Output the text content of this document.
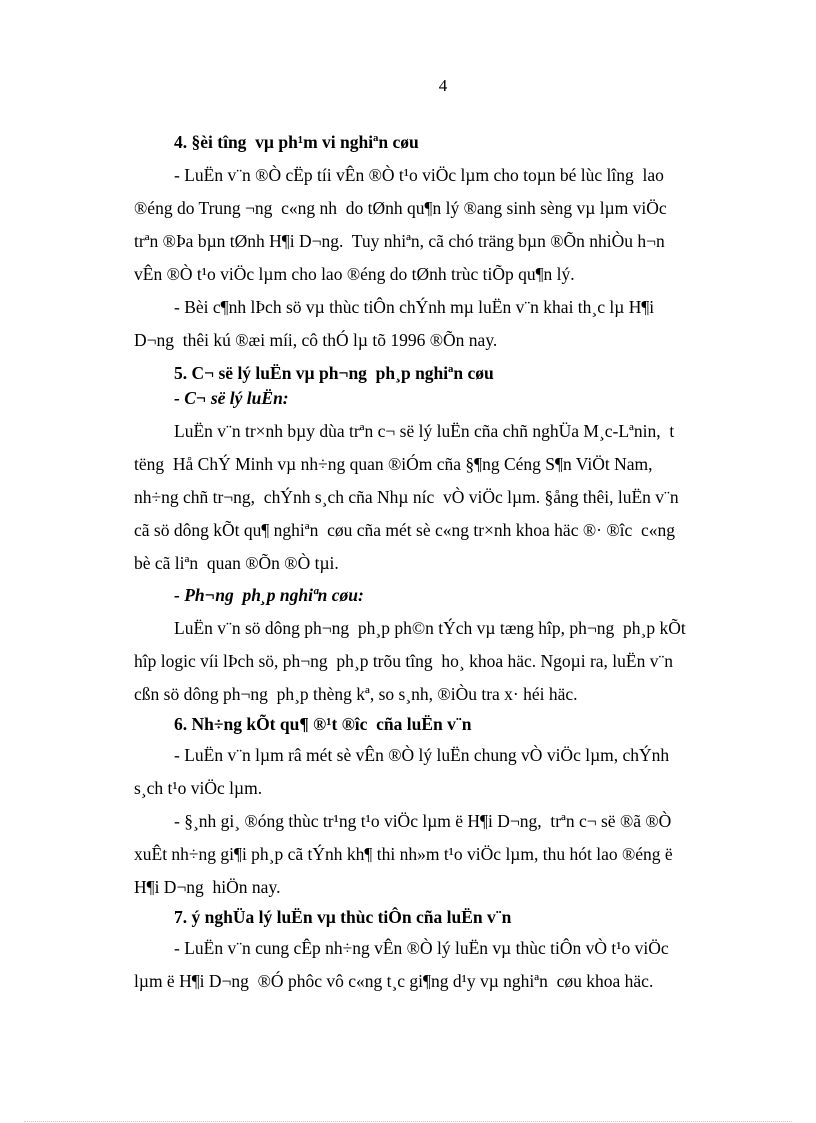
4
4. §èi tîng  vµ ph¹m vi nghiªn cøu
- LuËn v¨n ®Ò cËp tíi vÊn ®Ò t¹o viÖc lµm cho toµn bé lùc lîng  lao
®éng do Trung ¬ng  c«ng nh  do tØnh qu¶n lý ®ang sinh sèng vµ lµm viÖc
trªn ®Þa bµn tØnh H¶i D¬ng.  Tuy nhiªn, cã chó träng bµn ®Õn nhiÒu h¬n
vÊn ®Ò t¹o viÖc lµm cho lao ®éng do tØnh trùc tiÕp qu¶n lý.
- Bèi c¶nh lÞch sö vµ thùc tiÔn chÝnh mµ luËn v¨n khai th¸c lµ H¶i
D¬ng  thêi kú ®æi míi, cô thÓ lµ tõ 1996 ®Õn nay.
5. C¬ së lý luËn vµ ph¬ng  ph¸p nghiªn cøu
- C¬ së lý luËn:
LuËn v¨n tr×nh bµy dùa trªn c¬ së lý luËn cña chñ nghÜa M¸c-Lªnin,  t
tëng  Hå ChÝ Minh vµ nh÷ng quan ®iÓm cña §¶ng Céng S¶n ViÖt Nam,
nh÷ng chñ tr¬ng,  chÝnh s¸ch cña Nhµ níc  vÒ viÖc lµm. §ång thêi, luËn v¨n
cã sö dông kÕt qu¶ nghiªn  cøu cña mét sè c«ng tr×nh khoa häc ®· ®îc  c«ng
bè cã liªn  quan ®Õn ®Ò tµi.
- Ph¬ng  ph¸p nghiªn cøu:
LuËn v¨n sö dông ph¬ng  ph¸p ph©n tÝch vµ tæng hîp, ph¬ng  ph¸p kÕt
hîp logic víi lÞch sö, ph¬ng  ph¸p trõu tîng  ho¸ khoa häc. Ngoµi ra, luËn v¨n
cßn sö dông ph¬ng  ph¸p thèng kª, so s¸nh, ®iÒu tra x· héi häc.
6. Nh÷ng kÕt qu¶ ®¹t ®îc  cña luËn v¨n
- LuËn v¨n lµm râ mét sè vÊn ®Ò lý luËn chung vÒ viÖc lµm, chÝnh
s¸ch t¹o viÖc lµm.
- §¸nh gi¸ ®óng thùc tr¹ng t¹o viÖc lµm ë H¶i D¬ng,  trªn c¬ së ®ã ®Ò
xuÊt nh÷ng gi¶i ph¸p cã tÝnh kh¶ thi nh»m t¹o viÖc lµm, thu hót lao ®éng ë
H¶i D¬ng  hiÖn nay.
7. ý nghÜa lý luËn vµ thùc tiÔn cña luËn v¨n
- LuËn v¨n cung cÊp nh÷ng vÊn ®Ò lý luËn vµ thùc tiÔn vÒ t¹o viÖc
lµm ë H¶i D¬ng  ®Ó phôc vô c«ng t¸c gi¶ng d¹y vµ nghiªn  cøu khoa häc.
